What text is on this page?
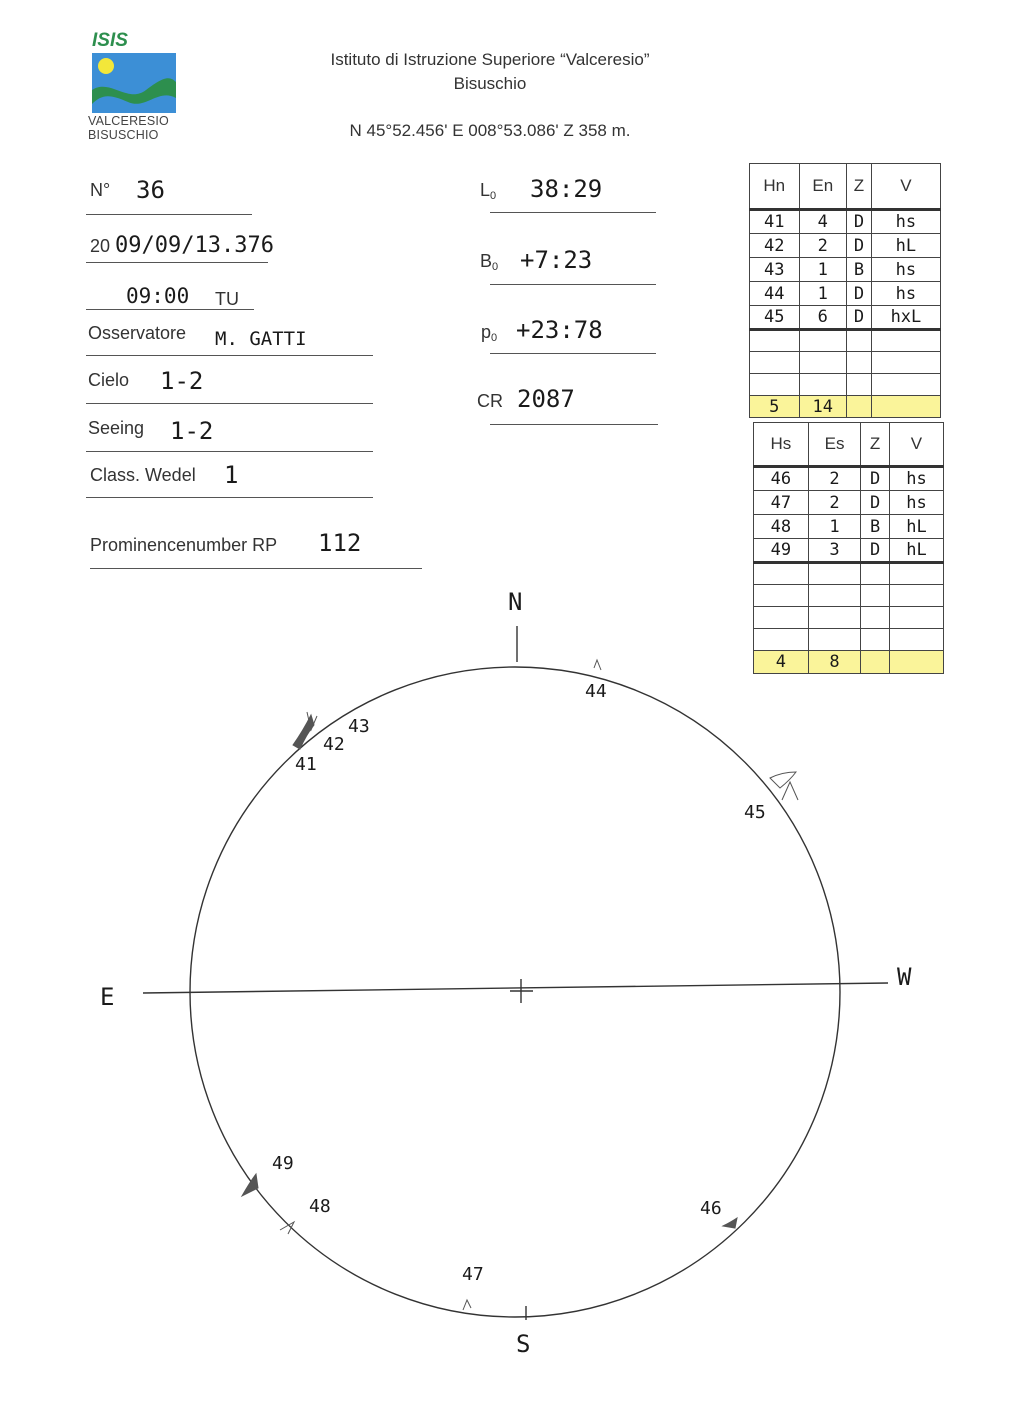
ISIS
VALCERESIO
BISUSCHIO
Istituto di Istruzione Superiore “Valceresio”
Bisuschio
N 45°52.456' E 008°53.086' Z 358 m.
N° 36
20 09/09/13.376
09:00 TU
Osservatore M. GATTI
Cielo 1-2
Seeing 1-2
Class. Wedel 1
Prominencenumber RP 112
$L_0$ 38:29
$B_0$ +7:23
$p_0$ +23:78
CR 2087
Hn	En	Z	V
41	4	D	hs
42	2	D	hL
43	1	B	hs
44	1	D	hs
45	6	D	hxL

5	14		
Hs	Es	Z	V
46	2	D	hs
47	2	D	hs
48	1	B	hL
49	3	D	hL

4	8		
N
S
E
W
41
42
43
44
45
46
47
48
49
